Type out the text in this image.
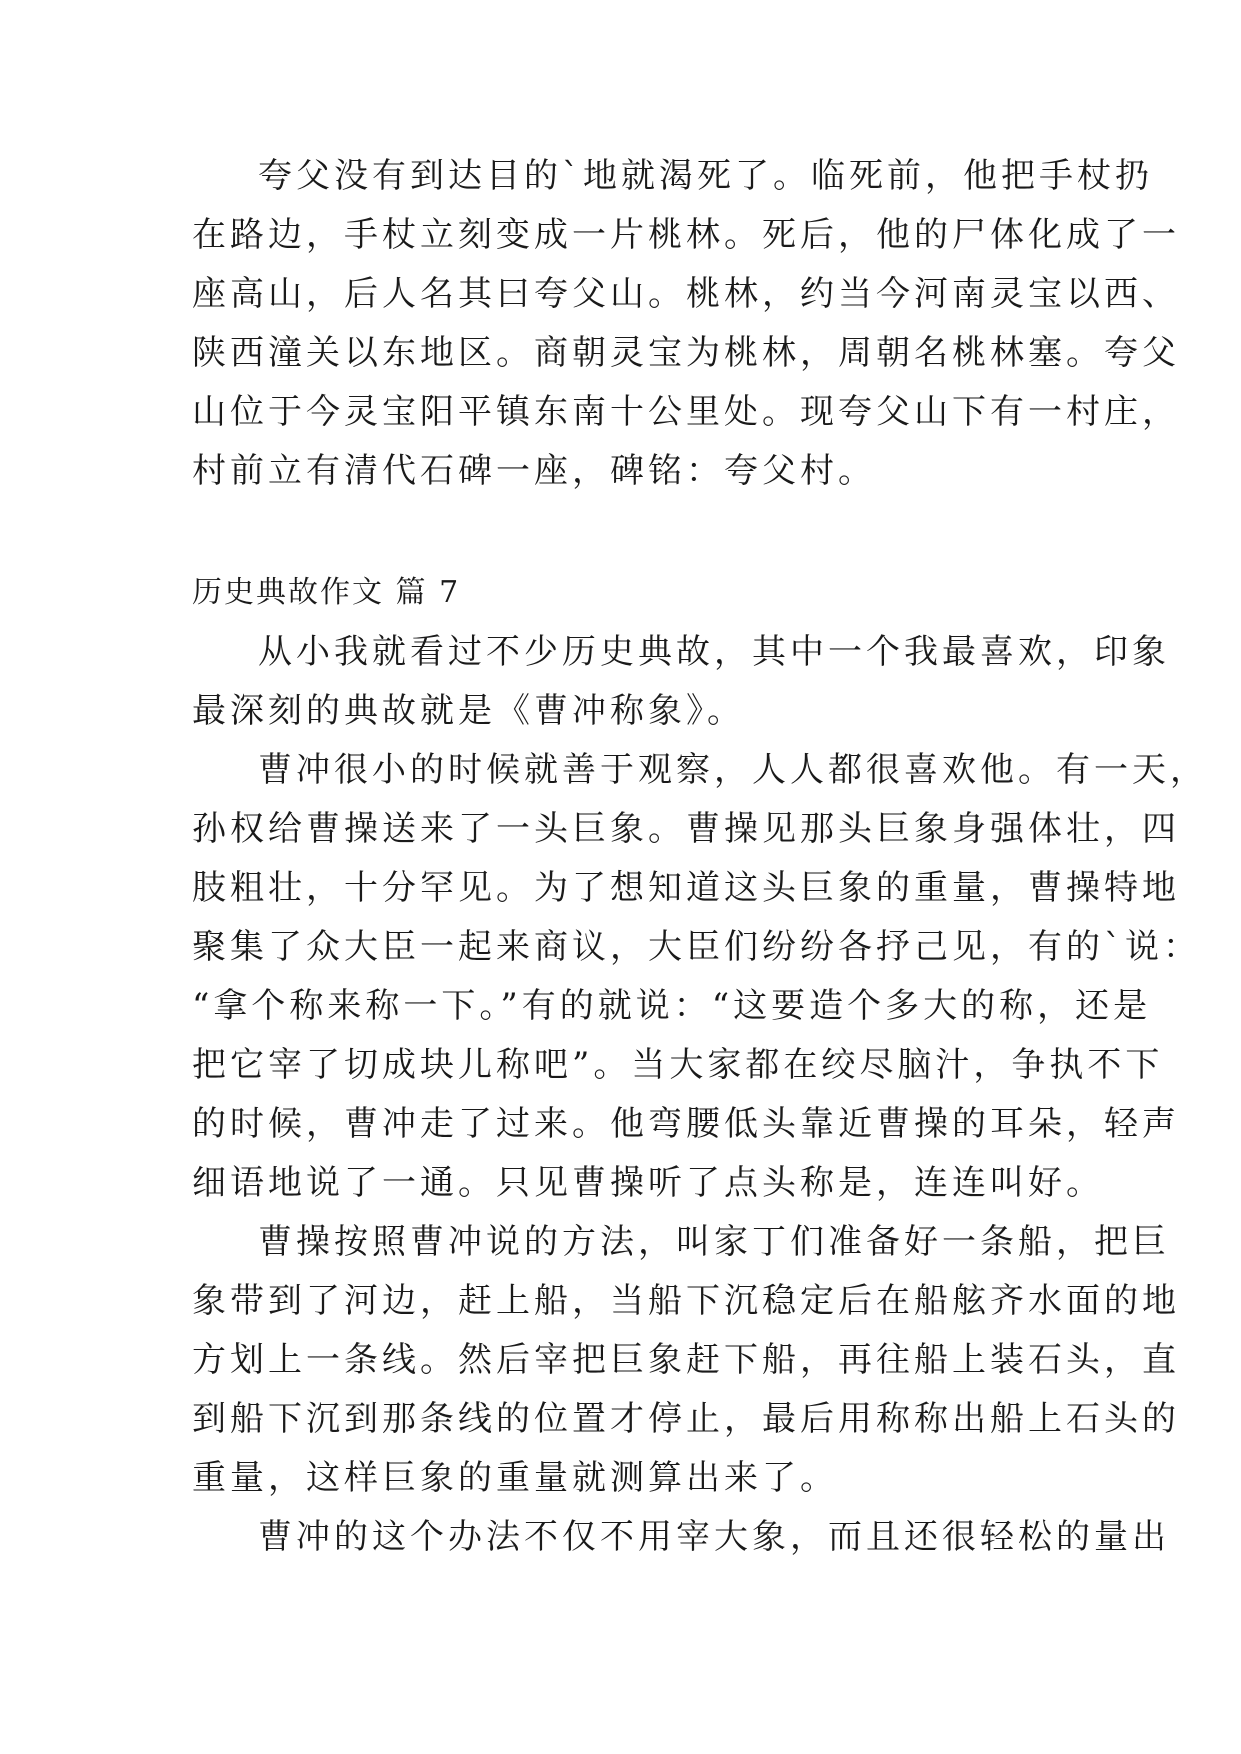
夸父没有到达目的`地就渴死了。临死前，他把手杖扔
在路边，手杖立刻变成一片桃林。死后，他的尸体化成了一
座高山，后人名其曰夸父山。桃林，约当今河南灵宝以西、
陕西潼关以东地区。商朝灵宝为桃林，周朝名桃林塞。夸父
山位于今灵宝阳平镇东南十公里处。现夸父山下有一村庄，
村前立有清代石碑一座，碑铭：夸父村。
历史典故作文 篇 7
从小我就看过不少历史典故，其中一个我最喜欢，印象
最深刻的典故就是《曹冲称象》。
曹冲很小的时候就善于观察，人人都很喜欢他。有一天，
孙权给曹操送来了一头巨象。曹操见那头巨象身强体壮，四
肢粗壮，十分罕见。为了想知道这头巨象的重量，曹操特地
聚集了众大臣一起来商议，大臣们纷纷各抒己见，有的`说：
“拿个称来称一下。”有的就说：“这要造个多大的称，还是
把它宰了切成块儿称吧”。当大家都在绞尽脑汁，争执不下
的时候，曹冲走了过来。他弯腰低头靠近曹操的耳朵，轻声
细语地说了一通。只见曹操听了点头称是，连连叫好。
曹操按照曹冲说的方法，叫家丁们准备好一条船，把巨
象带到了河边，赶上船，当船下沉稳定后在船舷齐水面的地
方划上一条线。然后宰把巨象赶下船，再往船上装石头，直
到船下沉到那条线的位置才停止，最后用称称出船上石头的
重量，这样巨象的重量就测算出来了。
曹冲的这个办法不仅不用宰大象，而且还很轻松的量出
